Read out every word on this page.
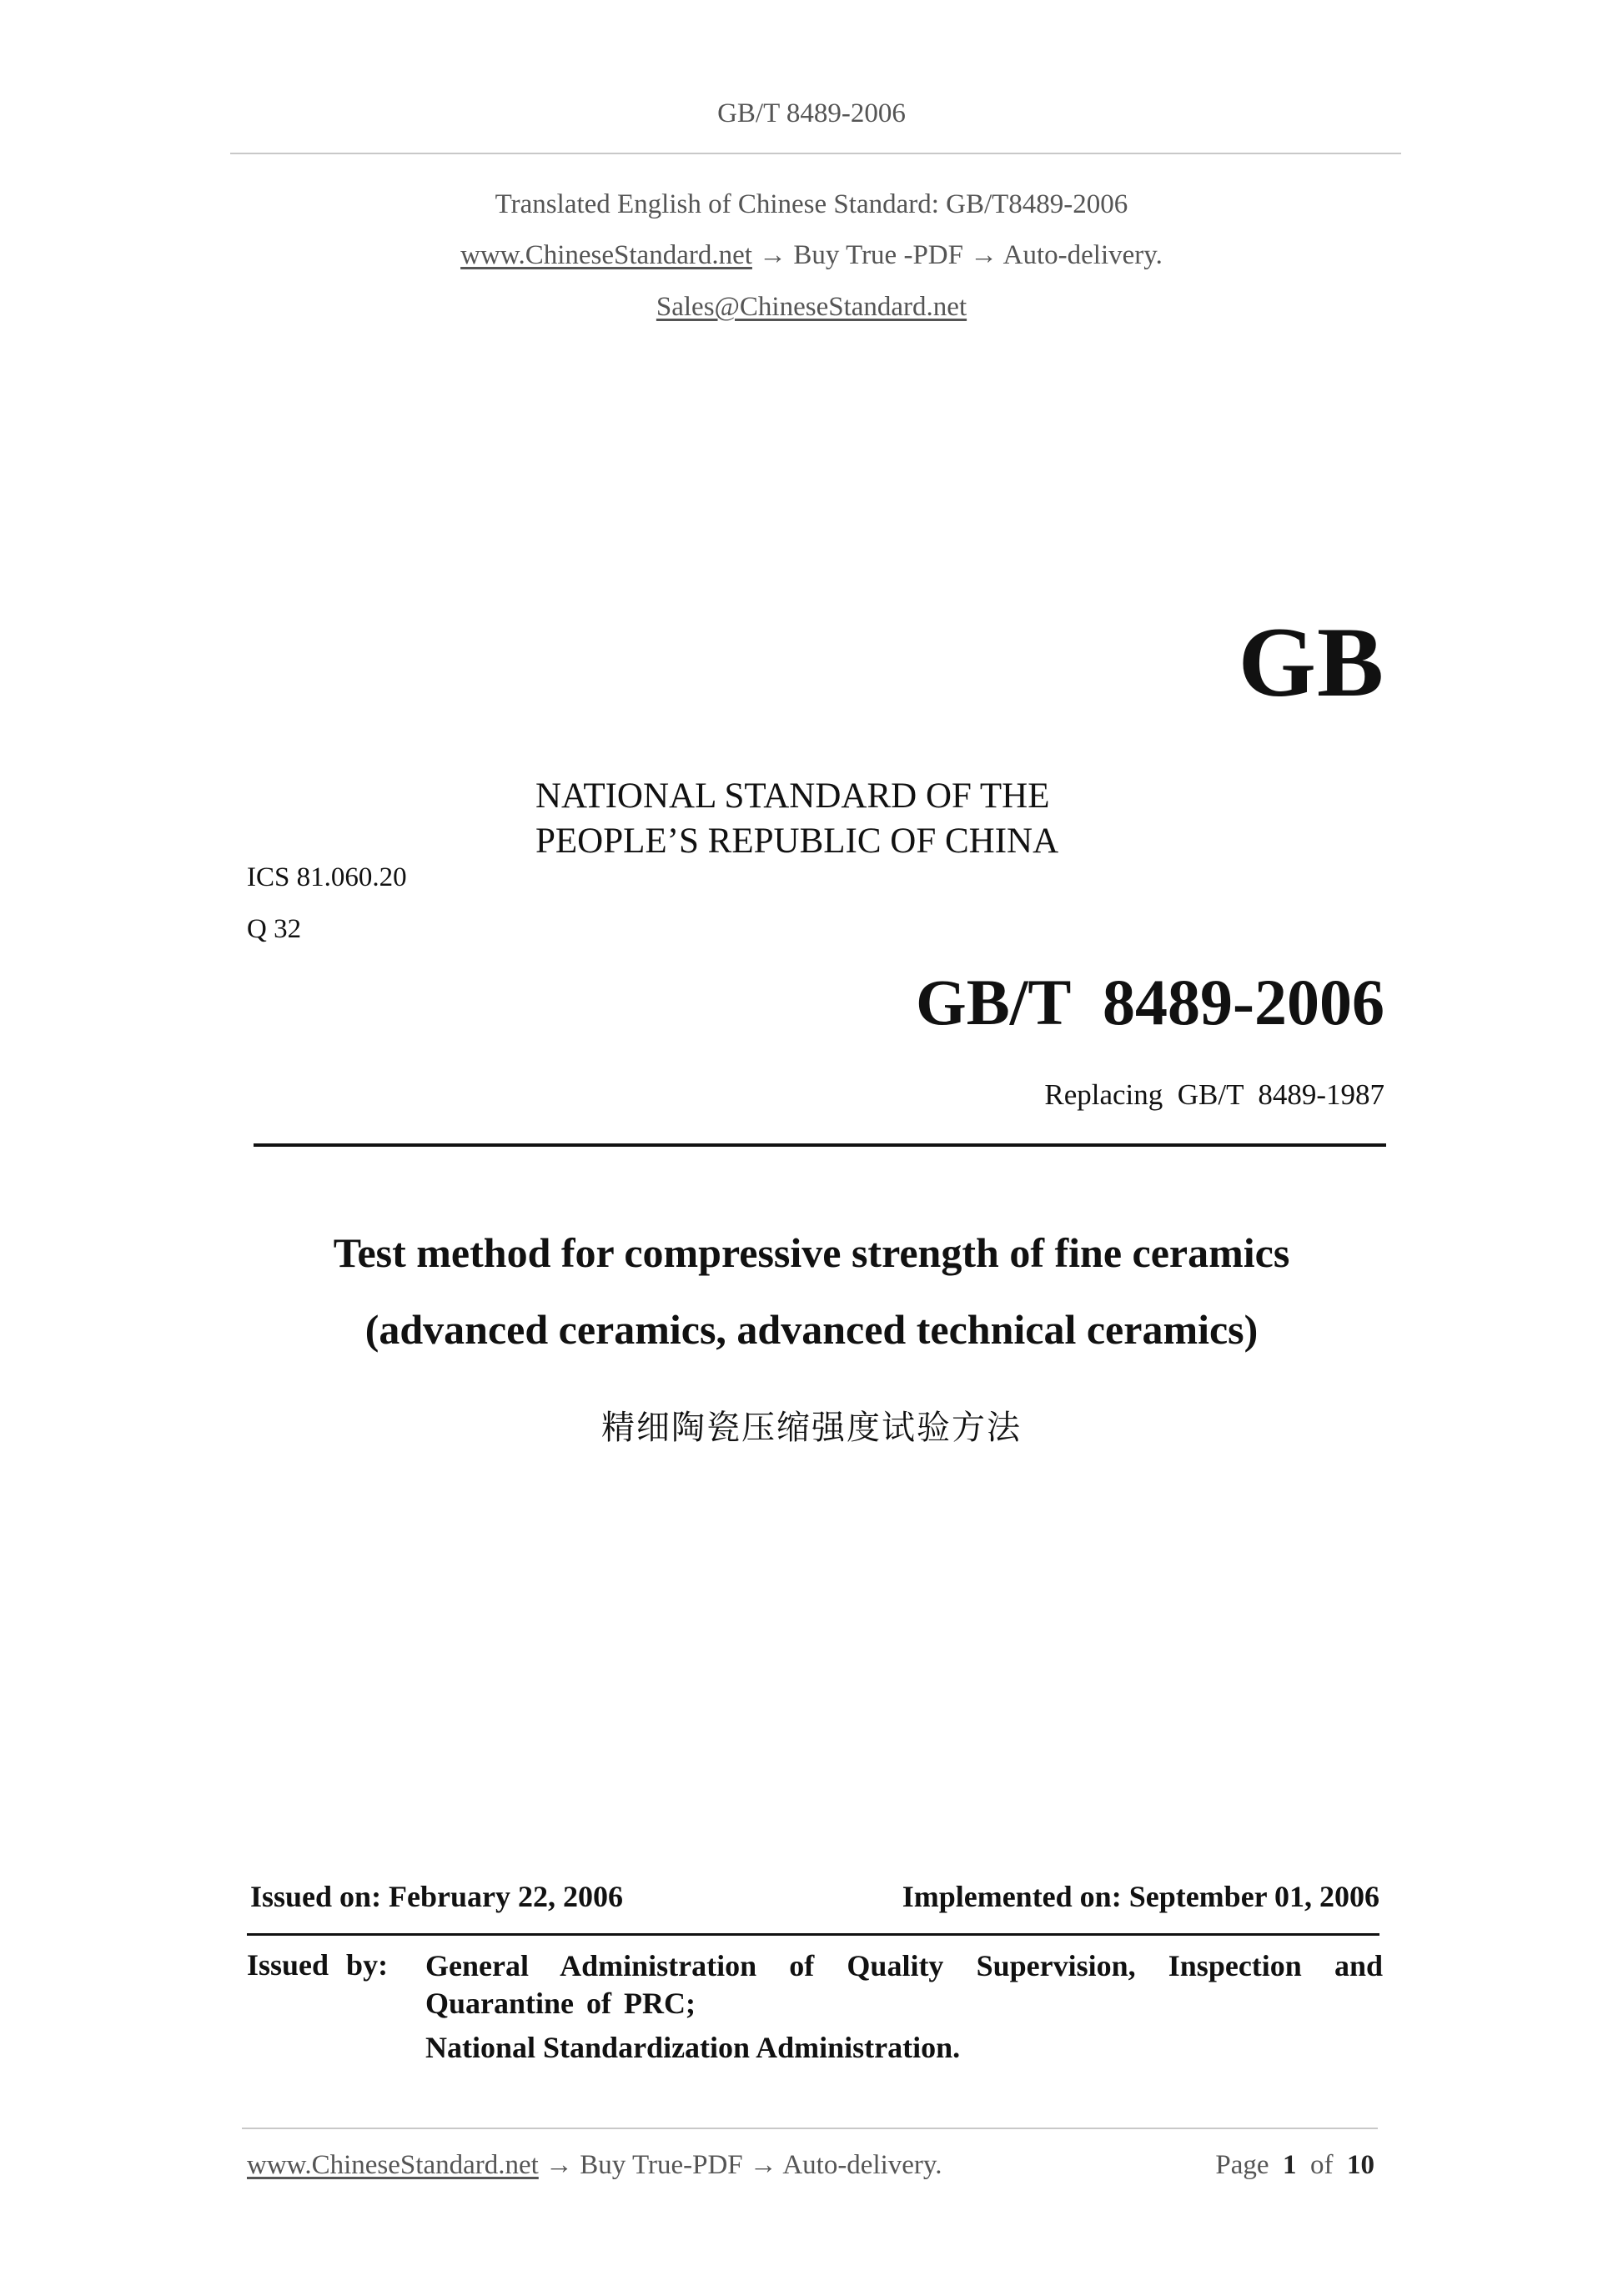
GB/T 8489-2006
Translated English of Chinese Standard: GB/T8489-2006
www.ChineseStandard.net → Buy True -PDF → Auto-delivery.
Sales@ChineseStandard.net
GB
NATIONAL STANDARD OF THE
PEOPLE’S REPUBLIC OF CHINA
ICS 81.060.20
Q 32
GB/T  8489-2006
Replacing  GB/T  8489-1987
Test method for compressive strength of fine ceramics
(advanced ceramics, advanced technical ceramics)
精细陶瓷压缩强度试验方法
Issued on: February 22, 2006	Implemented on: September 01, 2006
Issued by: General Administration of Quality Supervision, Inspection and Quarantine of PRC;
National Standardization Administration.
www.ChineseStandard.net → Buy True-PDF → Auto-delivery.	Page 1 of 10
